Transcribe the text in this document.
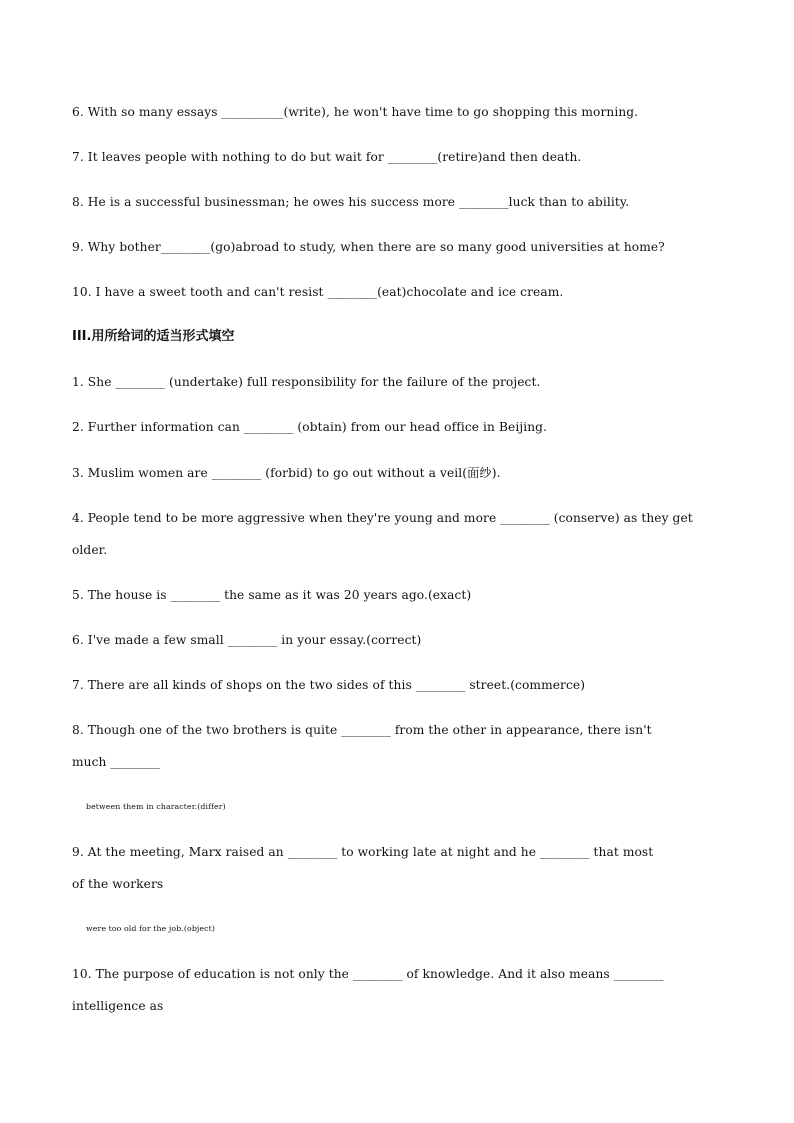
6. With so many essays __________(write), he won't have time to go shopping this morning.
7. It leaves people with nothing to do but wait for ________(retire)and then death.
8. He is a successful businessman; he owes his success more ________luck than to ability.
9. Why bother________(go)abroad to study, when there are so many good universities at home?
10. I have a sweet tooth and can't resist ________(eat)chocolate and ice cream.
III.用所给词的适当形式填空
1. She ________ (undertake) full responsibility for the failure of the project.
2. Further information can ________ (obtain) from our head office in Beijing.
3. Muslim women are ________ (forbid) to go out without a veil(面纱).
4. People tend to be more aggressive when they're young and more ________ (conserve) as they get
older.
5. The house is ________ the same as it was 20 years ago.(exact)
6. I've made a few small ________ in your essay.(correct)
7. There are all kinds of shops on the two sides of this ________ street.(commerce)
8. Though one of the two brothers is quite ________ from the other in appearance, there isn't
much ________
between them in character.(differ)
9. At the meeting, Marx raised an ________ to working late at night and he ________ that most
of the workers
were too old for the job.(object)
10. The purpose of education is not only the ________ of knowledge. And it also means ________
intelligence as
